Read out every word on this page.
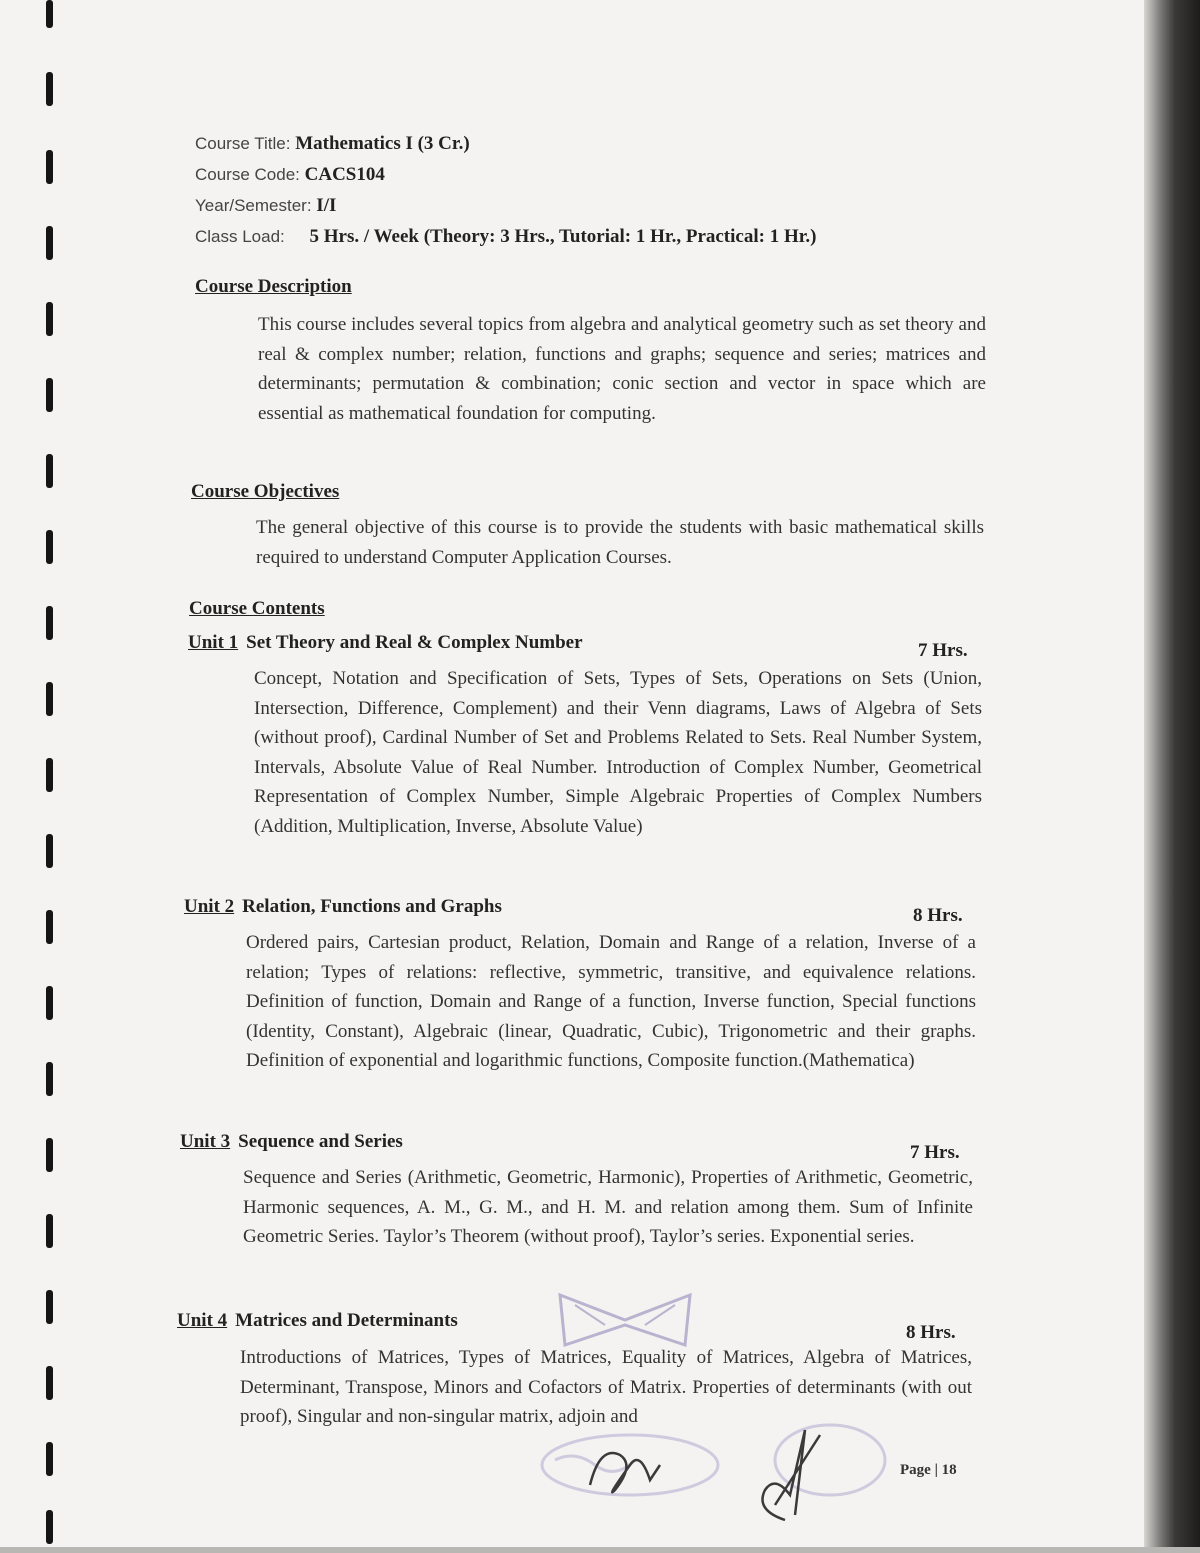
Course Title: Mathematics I (3 Cr.)
Course Code: CACS104
Year/Semester: I/I
Class Load: 5 Hrs. / Week (Theory: 3 Hrs., Tutorial: 1 Hr., Practical: 1 Hr.)
Course Description
This course includes several topics from algebra and analytical geometry such as set theory and real & complex number; relation, functions and graphs; sequence and series; matrices and determinants; permutation & combination; conic section and vector in space which are essential as mathematical foundation for computing.
Course Objectives
The general objective of this course is to provide the students with basic mathematical skills required to understand Computer Application Courses.
Course Contents
Unit 1 Set Theory and Real & Complex Number	7 Hrs.
Concept, Notation and Specification of Sets, Types of Sets, Operations on Sets (Union, Intersection, Difference, Complement) and their Venn diagrams, Laws of Algebra of Sets (without proof), Cardinal Number of Set and Problems Related to Sets. Real Number System, Intervals, Absolute Value of Real Number. Introduction of Complex Number, Geometrical Representation of Complex Number, Simple Algebraic Properties of Complex Numbers (Addition, Multiplication, Inverse, Absolute Value)
Unit 2 Relation, Functions and Graphs	8 Hrs.
Ordered pairs, Cartesian product, Relation, Domain and Range of a relation, Inverse of a relation; Types of relations: reflective, symmetric, transitive, and equivalence relations. Definition of function, Domain and Range of a function, Inverse function, Special functions (Identity, Constant), Algebraic (linear, Quadratic, Cubic), Trigonometric and their graphs. Definition of exponential and logarithmic functions, Composite function.(Mathematica)
Unit 3 Sequence and Series
7 Hrs.
Sequence and Series (Arithmetic, Geometric, Harmonic), Properties of Arithmetic, Geometric, Harmonic sequences, A. M., G. M., and H. M. and relation among them. Sum of Infinite Geometric Series. Taylor’s Theorem (without proof), Taylor’s series. Exponential series.
Unit 4 Matrices and Determinants
8 Hrs.
Introductions of Matrices, Types of Matrices, Equality of Matrices, Algebra of Matrices, Determinant, Transpose, Minors and Cofactors of Matrix. Properties of determinants (with out proof), Singular and non-singular matrix, adjoin and
Page | 18
